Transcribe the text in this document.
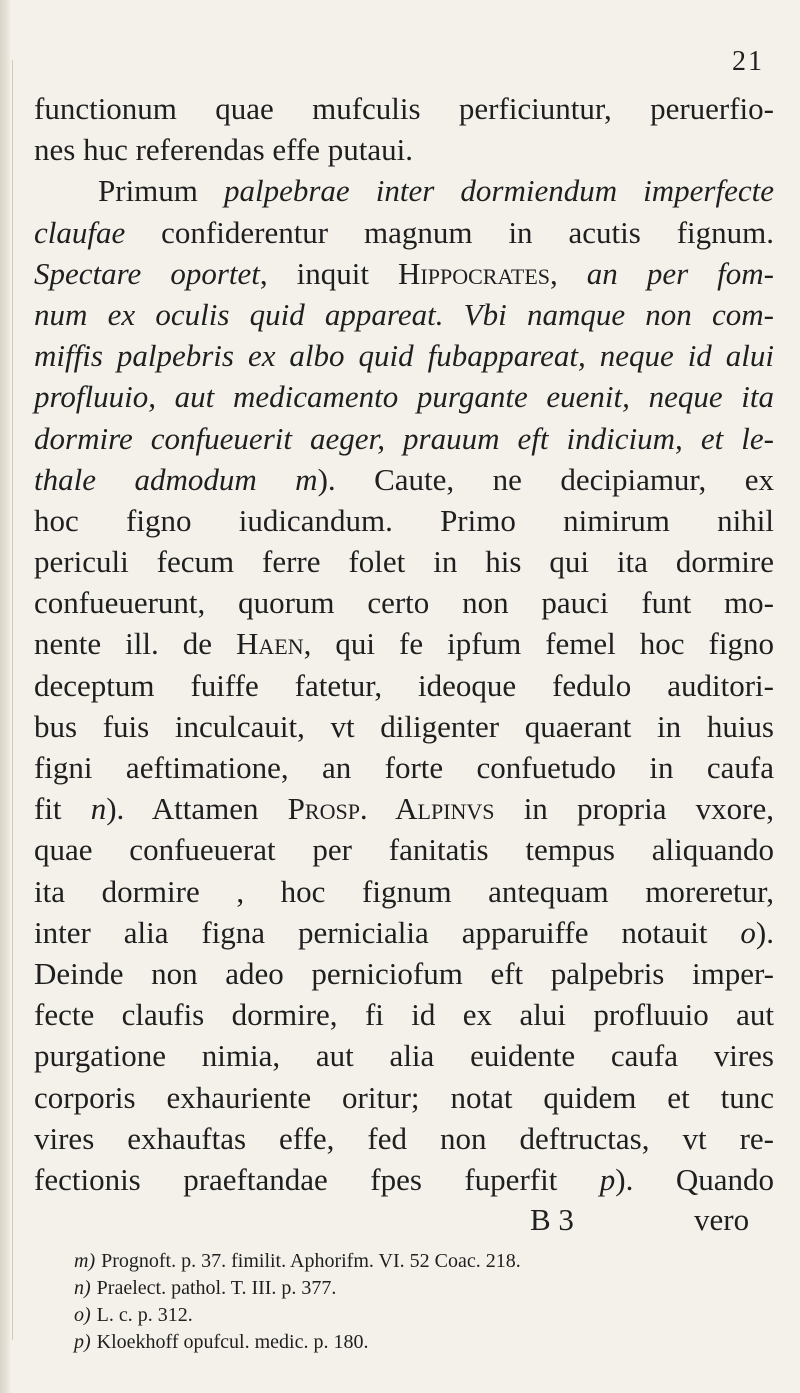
21
functionum quae mufculis perficiuntur, peruerfio-
nes huc referendas effe putaui.
Primum palpebrae inter dormiendum imperfecte
claufae confiderentur magnum in acutis fignum.
Spectare oportet, inquit Hippocrates, an per fom-
num ex oculis quid appareat. Vbi namque non com-
miffis palpebris ex albo quid fubappareat, neque id alui
profluuio, aut medicamento purgante euenit, neque ita
dormire confueuerit aeger, prauum eft indicium, et le-
thale admodum m). Caute, ne decipiamur, ex
hoc figno iudicandum. Primo nimirum nihil
periculi fecum ferre folet in his qui ita dormire
confueuerunt, quorum certo non pauci funt mo-
nente ill. de Haen, qui fe ipfum femel hoc figno
deceptum fuiffe fatetur, ideoque fedulo auditori-
bus fuis inculcauit, vt diligenter quaerant in huius
figni aeftimatione, an forte confuetudo in caufa
fit n). Attamen Prosp. Alpinvs in propria vxore,
quae confueuerat per fanitatis tempus aliquando
ita dormire , hoc fignum antequam moreretur,
inter alia figna pernicialia apparuiffe notauit o).
Deinde non adeo perniciofum eft palpebris imper-
fecte claufis dormire, fi id ex alui profluuio aut
purgatione nimia, aut alia euidente caufa vires
corporis exhauriente oritur; notat quidem et tunc
vires exhauftas effe, fed non deftructas, vt re-
fectionis praeftandae fpes fuperfit p). Quando
B 3	vero
m) Prognoft. p. 37. fimilit. Aphorifm. VI. 52 Coac. 218.
n) Praelect. pathol. T. III. p. 377.
o) L. c. p. 312.
p) Kloekhoff opufcul. medic. p. 180.
